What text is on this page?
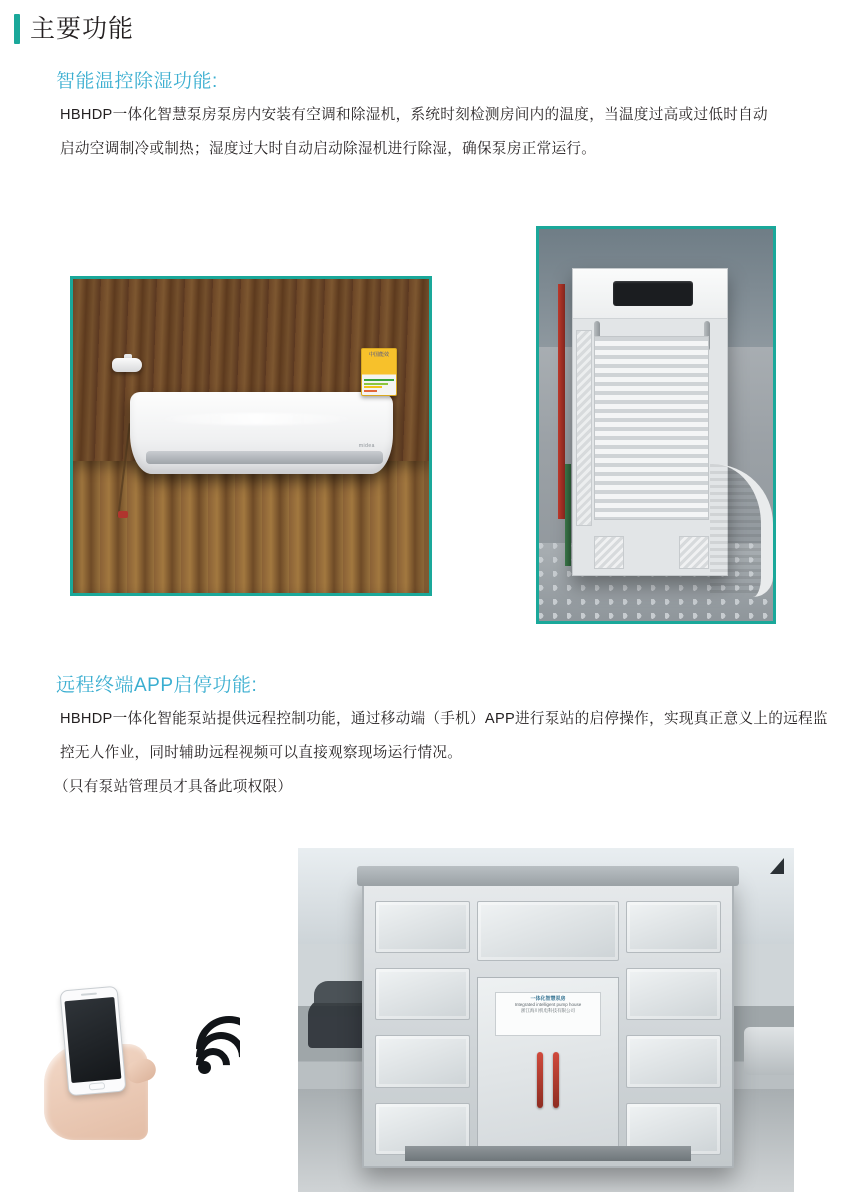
主要功能
智能温控除湿功能:
HBHDP一体化智慧泵房泵房内安装有空调和除湿机，系统时刻检测房间内的温度，当温度过高或过低时自动启动空调制冷或制热；湿度过大时自动启动除湿机进行除湿，确保泵房正常运行。
midea
中国能效
远程终端APP启停功能:
HBHDP一体化智能泵站提供远程控制功能，通过移动端（手机）APP进行泵站的启停操作，实现真正意义上的远程监控无人作业，同时辅助远程视频可以直接观察现场运行情况。
（只有泵站管理员才具备此项权限）
一体化智慧泵房
Integrated intelligent pump house
浙江海川机电科技有限公司
